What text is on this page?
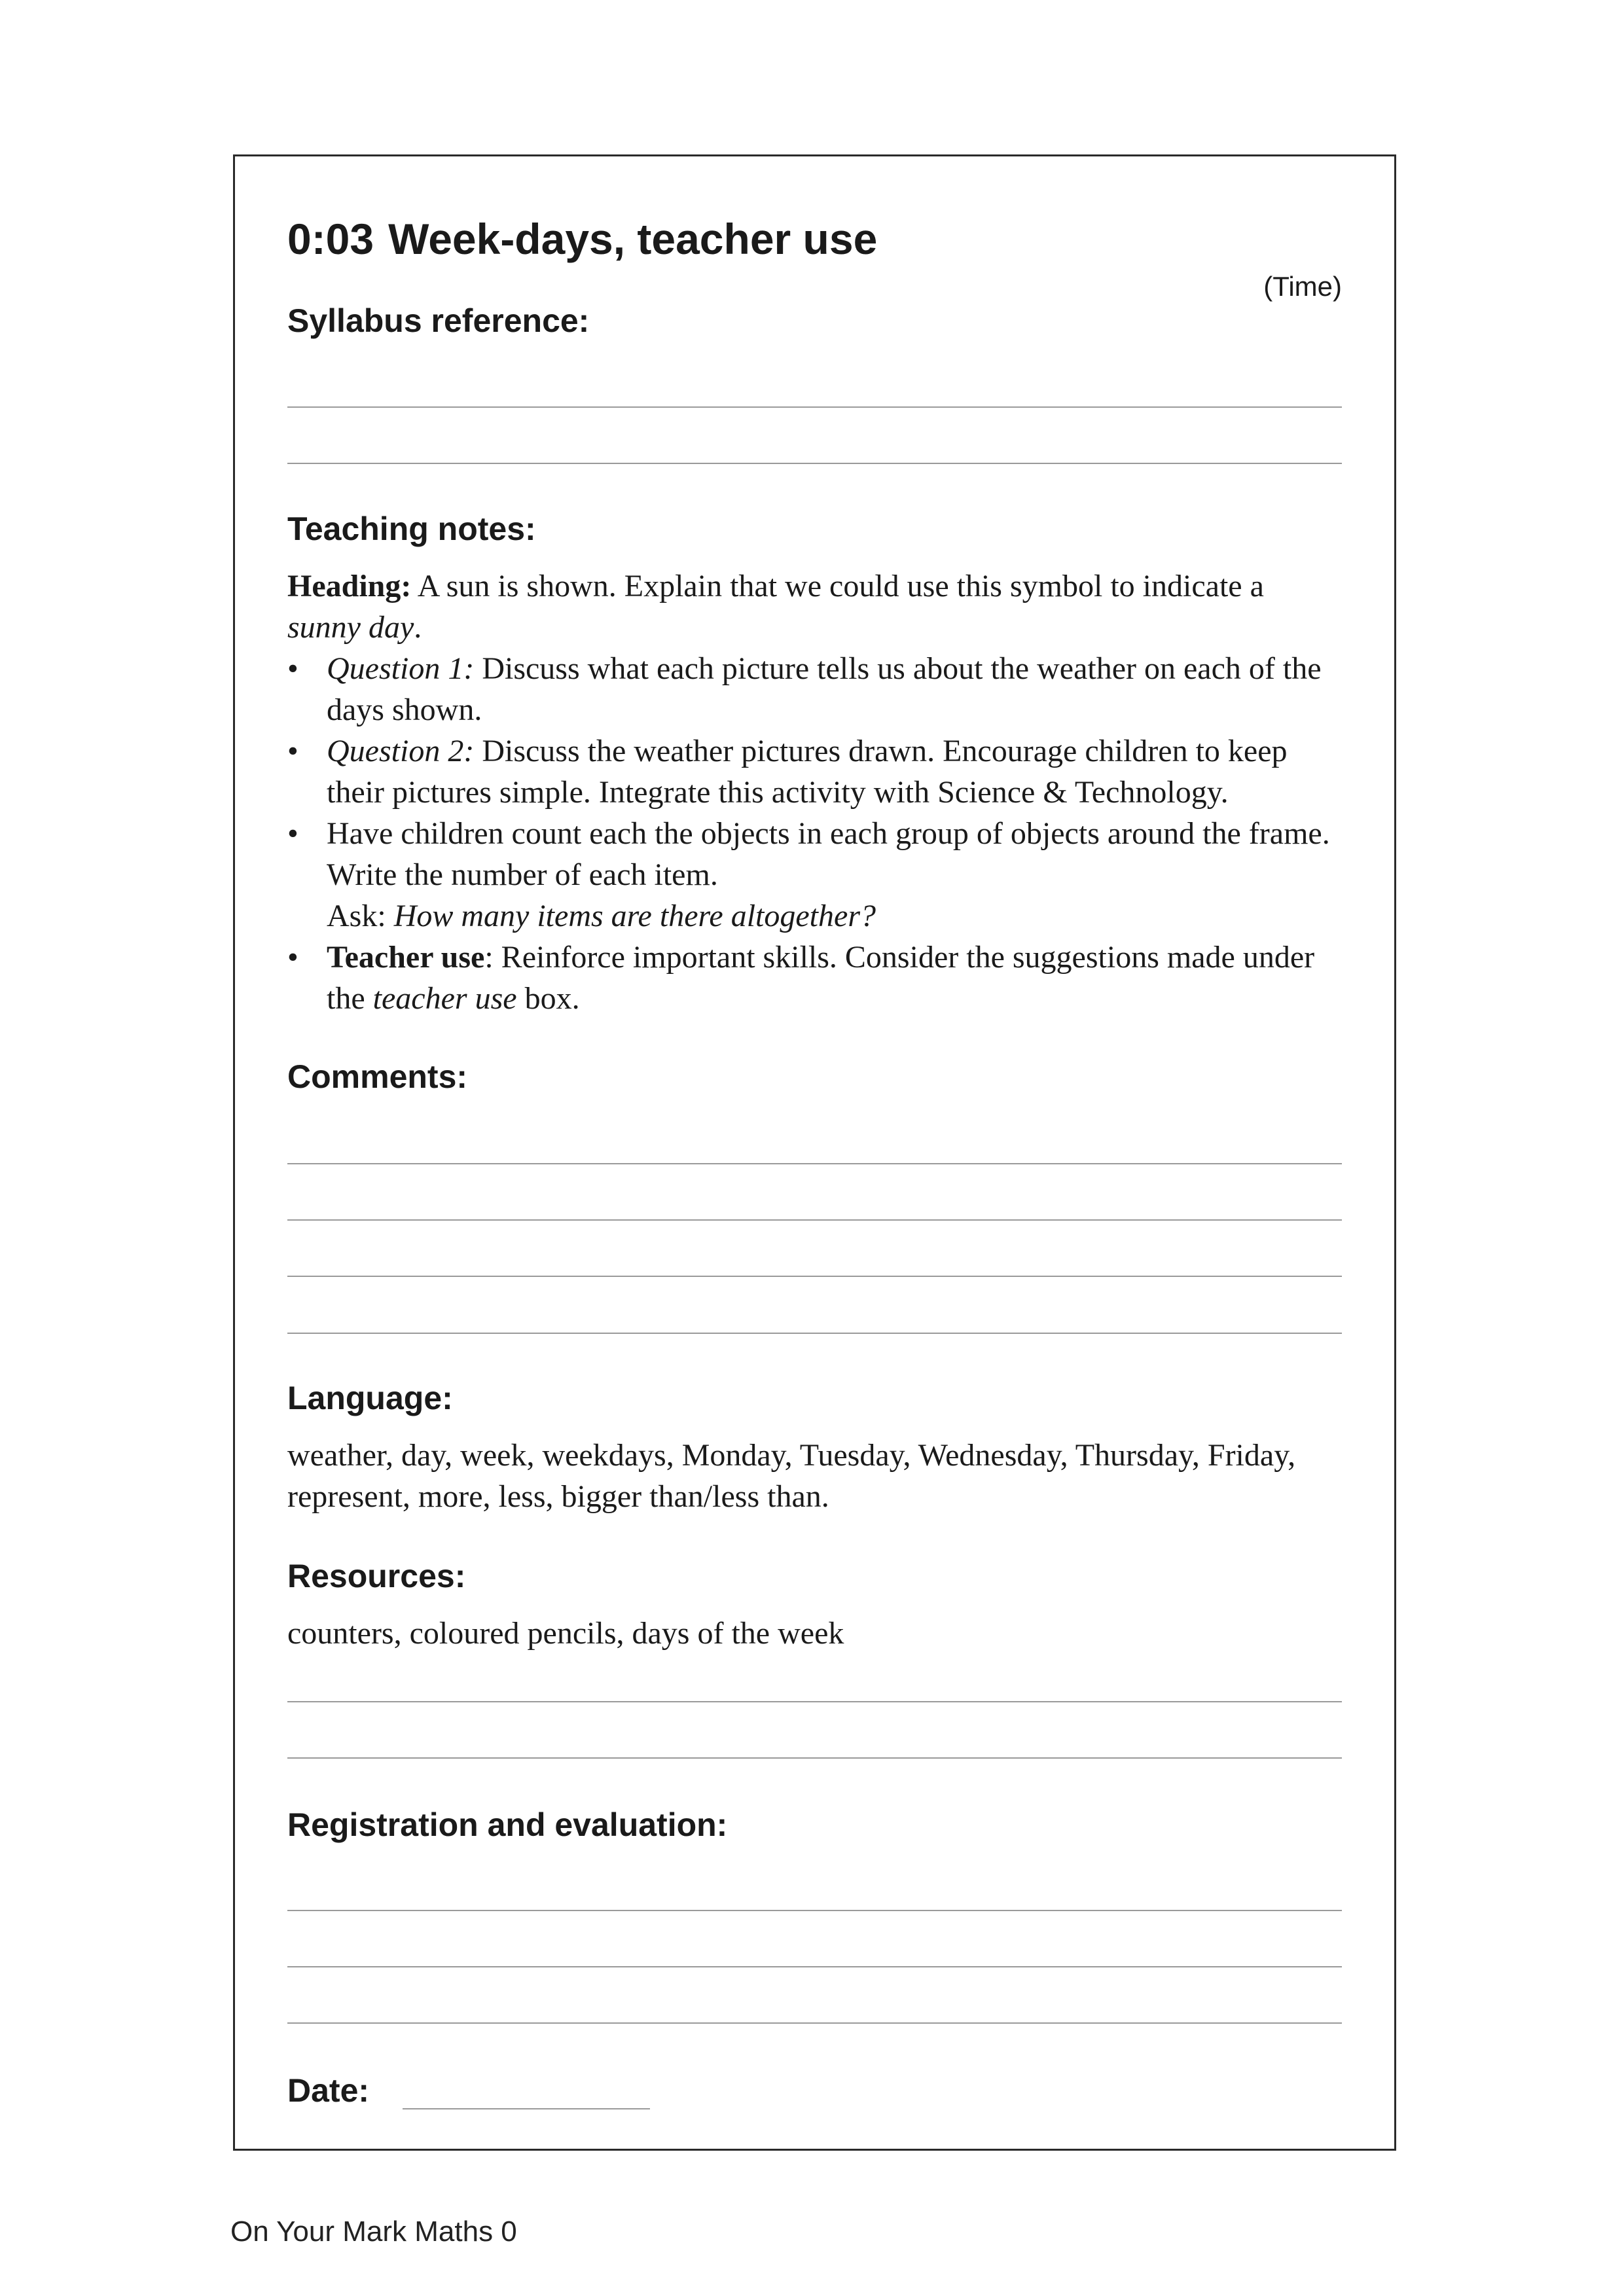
0:03 Week-days, teacher use
(Time)
Syllabus reference:
Teaching notes:
Heading: A sun is shown. Explain that we could use this symbol to indicate a sunny day.
• Question 1: Discuss what each picture tells us about the weather on each of the days shown.
• Question 2: Discuss the weather pictures drawn. Encourage children to keep their pictures simple. Integrate this activity with Science & Technology.
• Have children count each the objects in each group of objects around the frame. Write the number of each item.
Ask: How many items are there altogether?
• Teacher use: Reinforce important skills. Consider the suggestions made under the teacher use box.
Comments:
Language:

weather, day, week, weekdays, Monday, Tuesday, Wednesday, Thursday, Friday, represent, more, less, bigger than/less than.

Resources:

counters, coloured pencils, days of the week

Registration and evaluation:
Date:
On Your Mark Maths 0
